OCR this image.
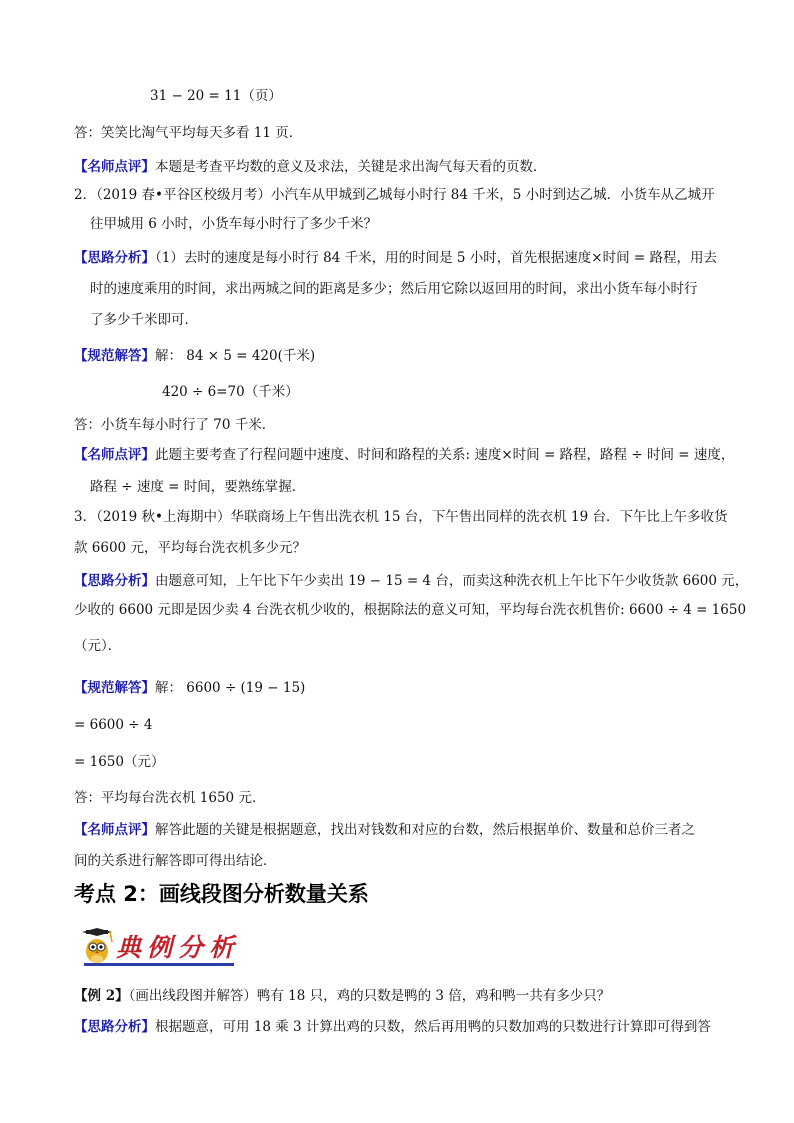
31 − 20 = 11（页）
答：笑笑比淘气平均每天多看 11 页．
【名师点评】本题是考查平均数的意义及求法，关键是求出淘气每天看的页数．
2．（2019 春•平谷区校级月考）小汽车从甲城到乙城每小时行 84 千米，5 小时到达乙城．小货车从乙城开
往甲城用 6 小时，小货车每小时行了多少千米？
【思路分析】（1）去时的速度是每小时行 84 千米，用的时间是 5 小时，首先根据速度×时间 = 路程，用去
时的速度乘用的时间，求出两城之间的距离是多少；然后用它除以返回用的时间，求出小货车每小时行
了多少千米即可．
【规范解答】解： 84 × 5 = 420(千米)
420 ÷ 6=70（千米）
答：小货车每小时行了 70 千米．
【名师点评】此题主要考查了行程问题中速度、时间和路程的关系: 速度×时间 = 路程，路程 ÷ 时间 = 速度，
路程 ÷ 速度 = 时间，要熟练掌握．
3．（2019 秋•上海期中）华联商场上午售出洗衣机 15 台，下午售出同样的洗衣机 19 台．下午比上午多收货
款 6600 元，平均每台洗衣机多少元？
【思路分析】由题意可知，上午比下午少卖出 19 − 15 = 4 台，而卖这种洗衣机上午比下午少收货款 6600 元，
少收的 6600 元即是因少卖 4 台洗衣机少收的，根据除法的意义可知，平均每台洗衣机售价: 6600 ÷ 4 = 1650
（元）．
【规范解答】解： 6600 ÷ (19 − 15)
= 6600 ÷ 4
= 1650（元）
答：平均每台洗衣机 1650 元．
【名师点评】解答此题的关键是根据题意，找出对钱数和对应的台数，然后根据单价、数量和总价三者之
间的关系进行解答即可得出结论．
考点 2：画线段图分析数量关系
典例分析
【例 2】（画出线段图并解答）鸭有 18 只，鸡的只数是鸭的 3 倍，鸡和鸭一共有多少只？
【思路分析】根据题意，可用 18 乘 3 计算出鸡的只数，然后再用鸭的只数加鸡的只数进行计算即可得到答
